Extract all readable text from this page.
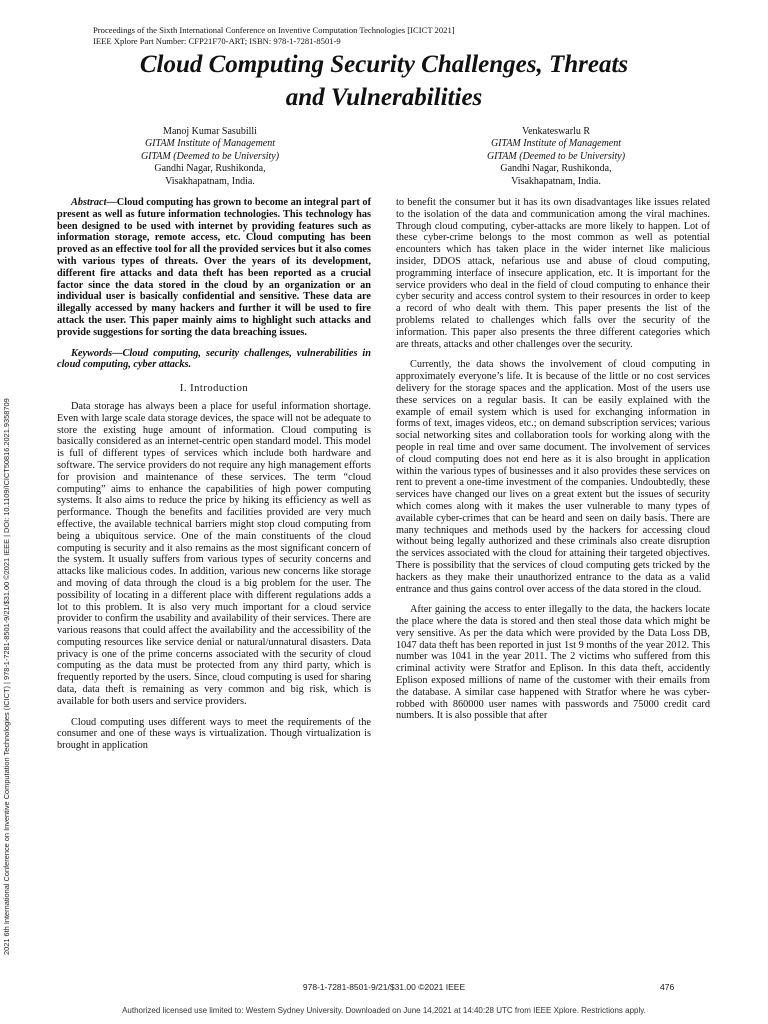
Proceedings of the Sixth International Conference on Inventive Computation Technologies [ICICT 2021]
IEEE Xplore Part Number: CFP21F70-ART; ISBN: 978-1-7281-8501-9
Cloud Computing Security Challenges, Threats
and Vulnerabilities
Manoj Kumar Sasubilli
GITAM Institute of Management
GITAM (Deemed to be University)
Gandhi Nagar, Rushikonda,
Visakhapatnam, India.
Venkateswarlu R
GITAM Institute of Management
GITAM (Deemed to be University)
Gandhi Nagar, Rushikonda,
Visakhapatnam, India.
2021 6th International Conference on Inventive Computation Technologies (ICICT) | 978-1-7281-8501-9/21/$31.00 ©2021 IEEE | DOI: 10.1109/ICICT50816.2021.9358709

Abstract—Cloud computing has grown to become an integral part of present as well as future information technologies. This technology has been designed to be used with internet by providing features such as information storage, remote access, etc. Cloud computing has been proved as an effective tool for all the provided services but it also comes with various types of threats. Over the years of its development, different fire attacks and data theft has been reported as a crucial factor since the data stored in the cloud by an organization or an individual user is basically confidential and sensitive. These data are illegally accessed by many hackers and further it will be used to fire attack the user. This paper mainly aims to highlight such attacks and provide suggestions for sorting the data breaching issues.

Keywords—Cloud computing, security challenges, vulnerabilities in cloud computing, cyber attacks.

I. Introduction

Data storage has always been a place for useful information shortage. Even with large scale data storage devices, the space will not be adequate to store the existing huge amount of information. Cloud computing is basically considered as an internet-centric open standard model. This model is full of different types of services which include both hardware and software. The service providers do not require any high management efforts for provision and maintenance of these services. The term “cloud computing” aims to enhance the capabilities of high power computing systems. It also aims to reduce the price by hiking its efficiency as well as performance. Though the benefits and facilities provided are very much effective, the available technical barriers might stop cloud computing from being a ubiquitous service. One of the main constituents of the cloud computing is security and it also remains as the most significant concern of the system. It usually suffers from various types of security concerns and attacks like malicious codes. In addition, various new concerns like storage and moving of data through the cloud is a big problem for the user. The possibility of locating in a different place with different regulations adds a lot to this problem. It is also very much important for a cloud service provider to confirm the usability and availability of their services. There are various reasons that could affect the availability and the accessibility of the computing resources like service denial or natural/unnatural disasters. Data privacy is one of the prime concerns associated with the security of cloud computing as the data must be protected from any third party, which is frequently reported by the users. Since, cloud computing is used for sharing data, data theft is remaining as very common and big risk, which is available for both users and service providers.

Cloud computing uses different ways to meet the requirements of the consumer and one of these ways is virtualization. Though virtualization is brought in application

to benefit the consumer but it has its own disadvantages like issues related to the isolation of the data and communication among the viral machines. Through cloud computing, cyber-attacks are more likely to happen. Lot of these cyber-crime belongs to the most common as well as potential encounters which has taken place in the wider internet like malicious insider, DDOS attack, nefarious use and abuse of cloud computing, programming interface of insecure application, etc. It is important for the service providers who deal in the field of cloud computing to enhance their cyber security and access control system to their resources in order to keep a record of who dealt with them. This paper presents the list of the problems related to challenges which falls over the security of the information. This paper also presents the three different categories which are threats, attacks and other challenges over the security.

Currently, the data shows the involvement of cloud computing in approximately everyone’s life. It is because of the little or no cost services delivery for the storage spaces and the application. Most of the users use these services on a regular basis. It can be easily explained with the example of email system which is used for exchanging information in forms of text, images videos, etc.; on demand subscription services; various social networking sites and collaboration tools for working along with the people in real time and over same document. The involvement of services of cloud computing does not end here as it is also brought in application within the various types of businesses and it also provides these services on rent to prevent a one-time investment of the companies. Undoubtedly, these services have changed our lives on a great extent but the issues of security which comes along with it makes the user vulnerable to many types of available cyber-crimes that can be heard and seen on daily basis. There are many techniques and methods used by the hackers for accessing cloud without being legally authorized and these criminals also create disruption the services associated with the cloud for attaining their targeted objectives. There is possibility that the services of cloud computing gets tricked by the hackers as they make their unauthorized entrance to the data as a valid entrance and thus gains control over access of the data stored in the cloud.

After gaining the access to enter illegally to the data, the hackers locate the place where the data is stored and then steal those data which might be very sensitive. As per the data which were provided by the Data Loss DB, 1047 data theft has been reported in just 1st 9 months of the year 2012. This number was 1041 in the year 2011. The 2 victims who suffered from this criminal activity were Stratfor and Eplison. In this data theft, accidently Eplison exposed millions of name of the customer with their emails from the database. A similar case happened with Stratfor where he was cyber-robbed with 860000 user names with passwords and 75000 credit card numbers. It is also possible that after

978-1-7281-8501-9/21/$31.00 ©2021 IEEE	476
Authorized licensed use limited to: Western Sydney University. Downloaded on June 14,2021 at 14:40:28 UTC from IEEE Xplore. Restrictions apply.
